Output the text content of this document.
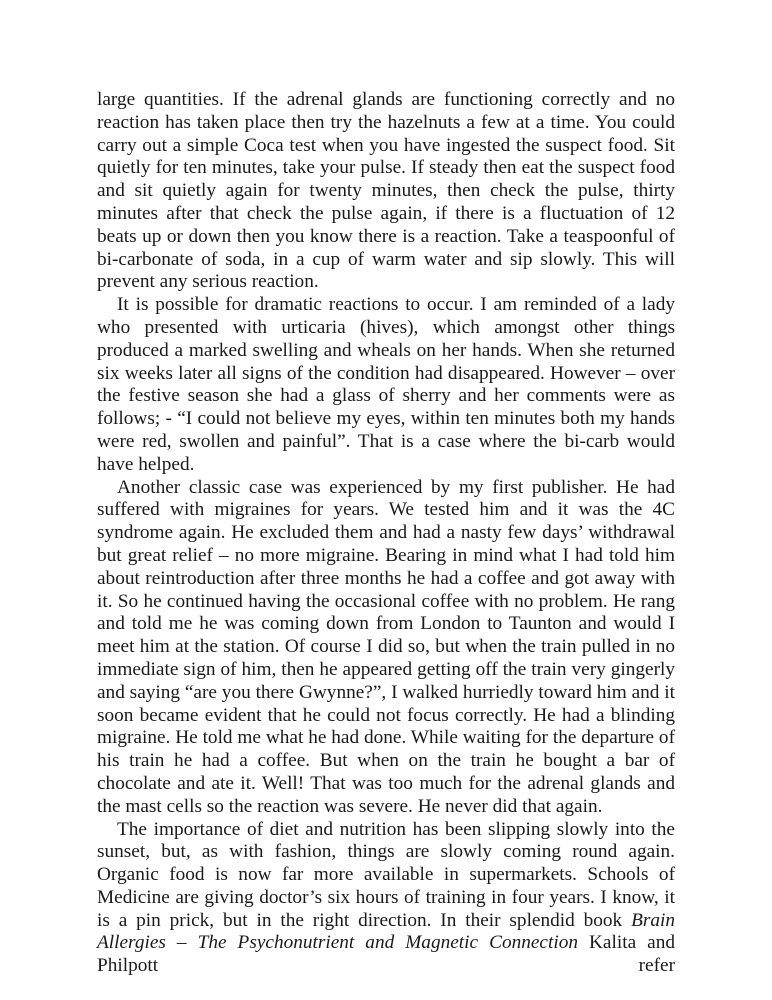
large quantities. If the adrenal glands are functioning correctly and no reaction has taken place then try the hazelnuts a few at a time. You could carry out a simple Coca test when you have ingested the suspect food. Sit quietly for ten minutes, take your pulse. If steady then eat the suspect food and sit quietly again for twenty minutes, then check the pulse, thirty minutes after that check the pulse again, if there is a fluctuation of 12 beats up or down then you know there is a reaction. Take a teaspoonful of bi-carbonate of soda, in a cup of warm water and sip slowly. This will prevent any serious reaction.

It is possible for dramatic reactions to occur. I am reminded of a lady who presented with urticaria (hives), which amongst other things produced a marked swelling and wheals on her hands. When she returned six weeks later all signs of the condition had disappeared. However – over the festive season she had a glass of sherry and her comments were as follows; - “I could not believe my eyes, within ten minutes both my hands were red, swollen and painful”. That is a case where the bi-carb would have helped.

Another classic case was experienced by my first publisher. He had suffered with migraines for years. We tested him and it was the 4C syndrome again. He excluded them and had a nasty few days’ withdrawal but great relief – no more migraine. Bearing in mind what I had told him about reintroduction after three months he had a coffee and got away with it. So he continued having the occasional coffee with no problem. He rang and told me he was coming down from London to Taunton and would I meet him at the station. Of course I did so, but when the train pulled in no immediate sign of him, then he appeared getting off the train very gingerly and saying “are you there Gwynne?”, I walked hurriedly toward him and it soon became evident that he could not focus correctly. He had a blinding migraine. He told me what he had done. While waiting for the departure of his train he had a coffee. But when on the train he bought a bar of chocolate and ate it. Well! That was too much for the adrenal glands and the mast cells so the reaction was severe. He never did that again.

The importance of diet and nutrition has been slipping slowly into the sunset, but, as with fashion, things are slowly coming round again. Organic food is now far more available in supermarkets. Schools of Medicine are giving doctor’s six hours of training in four years. I know, it is a pin prick, but in the right direction. In their splendid book Brain Allergies – The Psychonutrient and Magnetic Connection Kalita and Philpott refer
